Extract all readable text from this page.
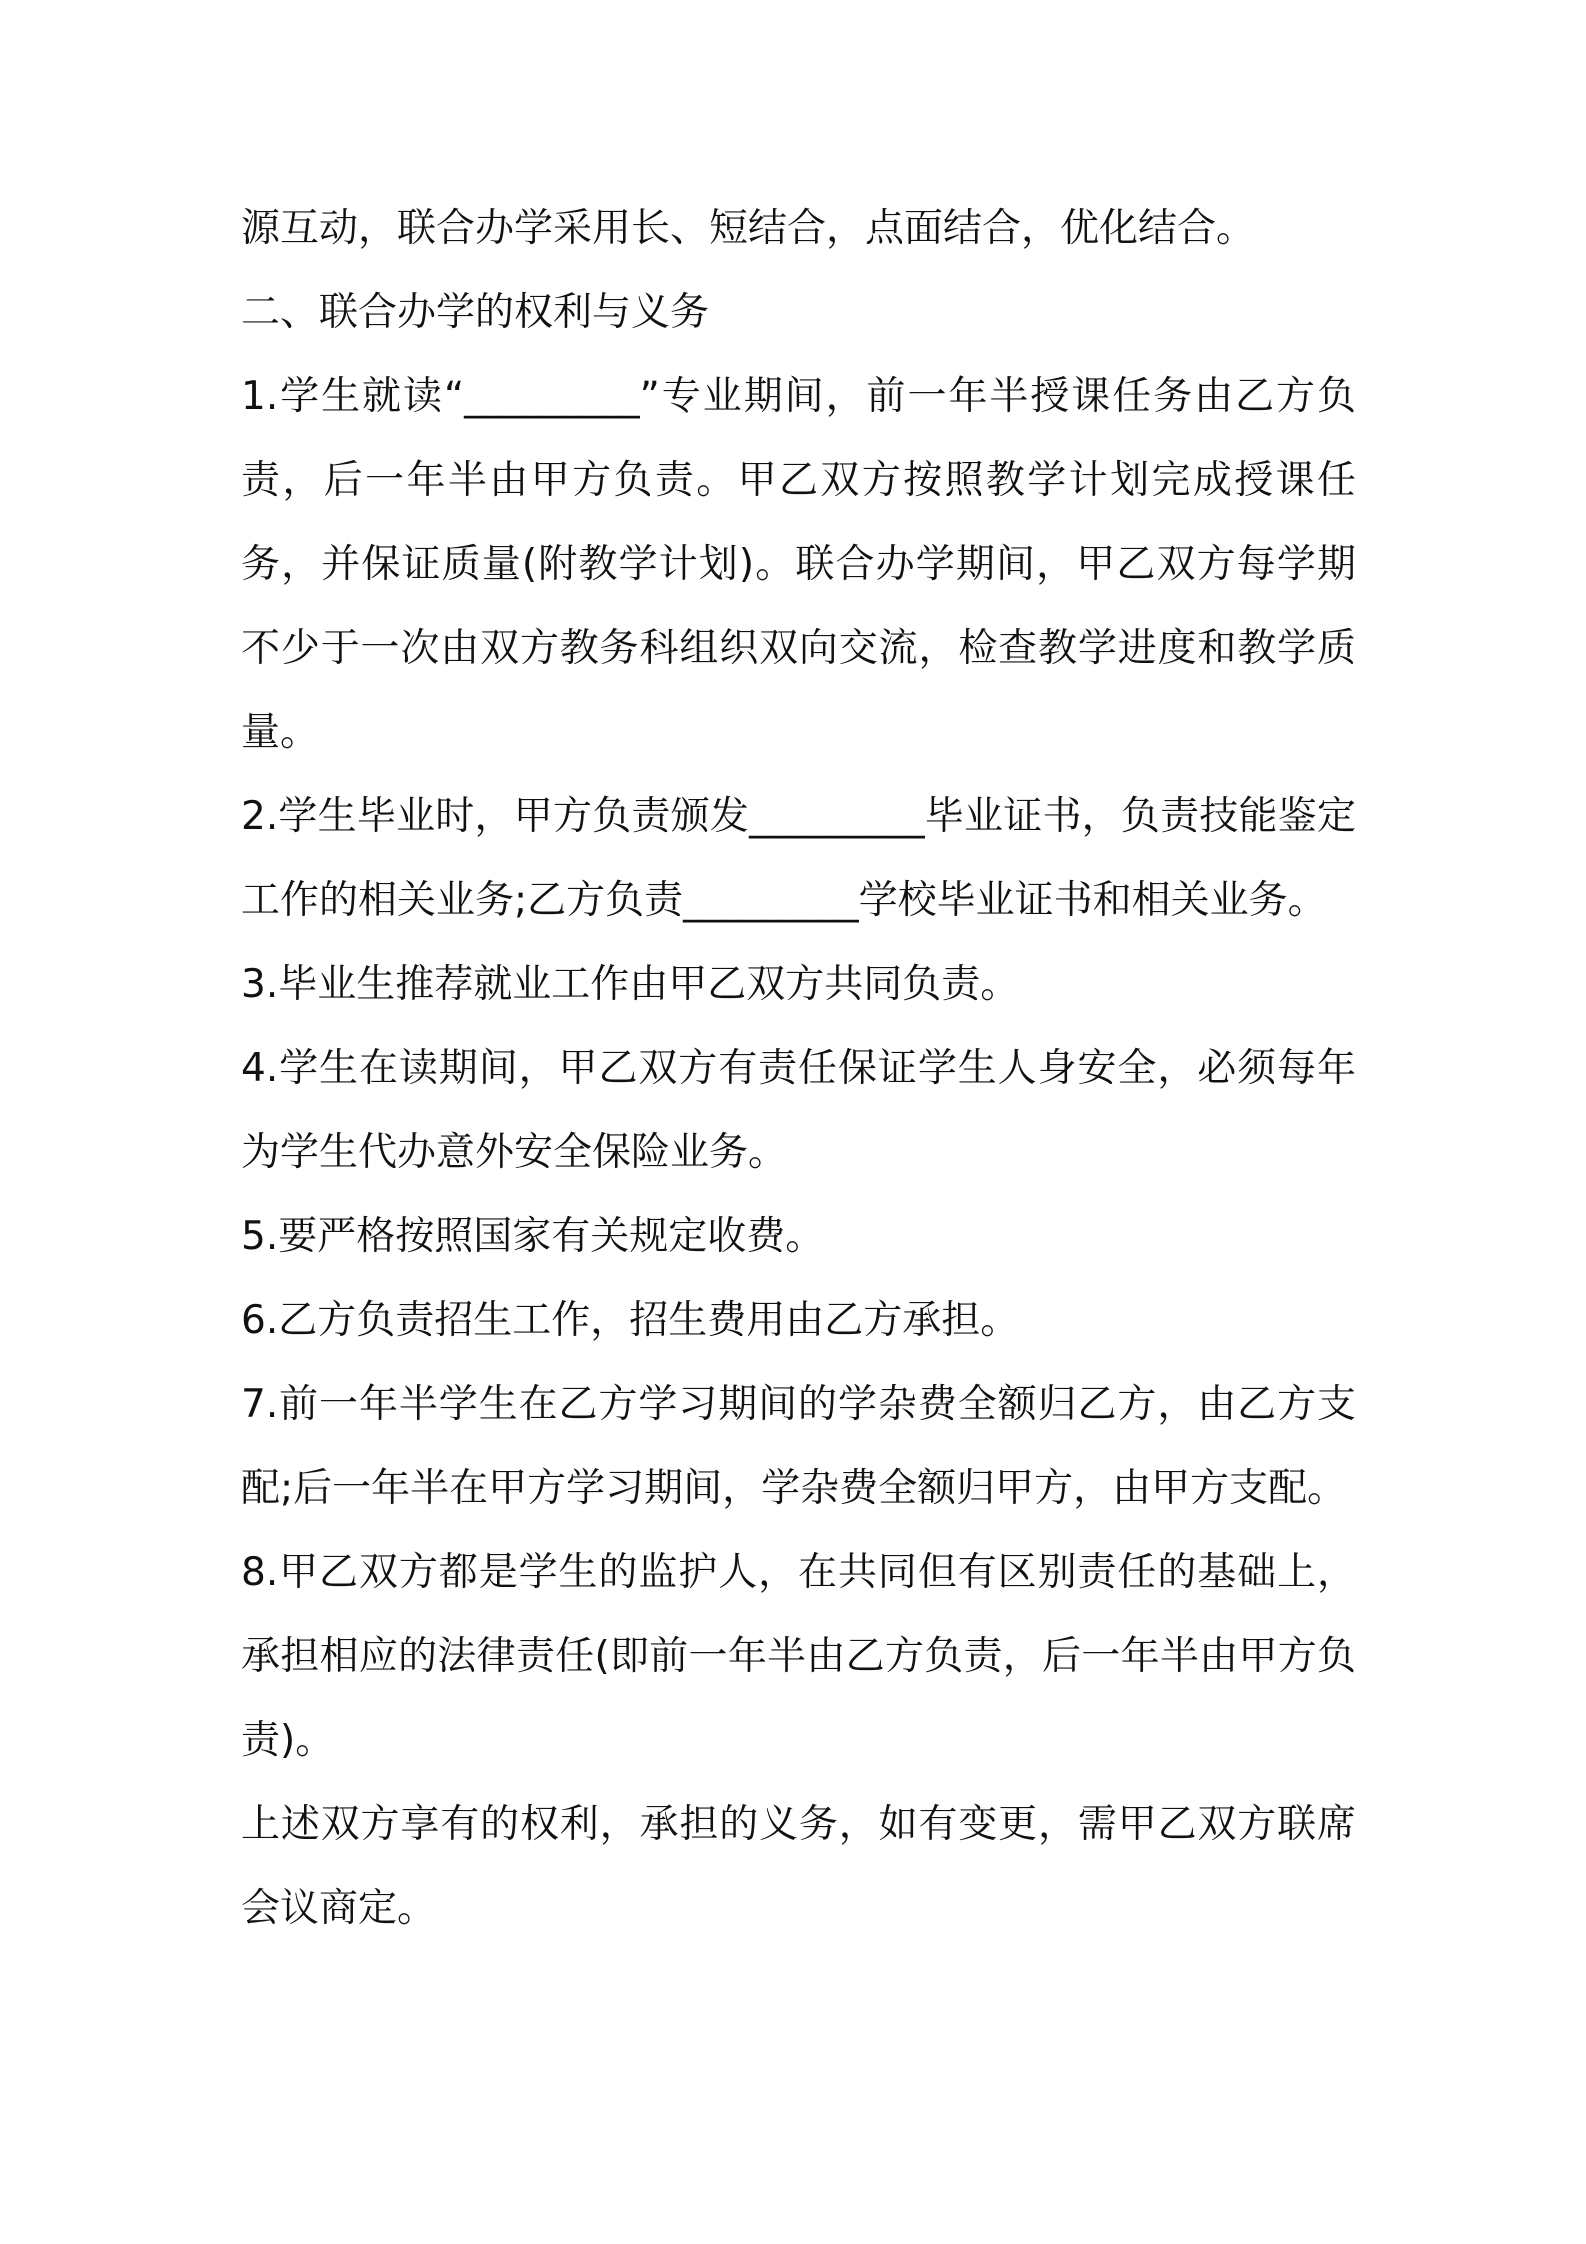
源互动，联合办学采用长、短结合，点面结合，优化结合。

二、联合办学的权利与义务

1.学生就读“_________”专业期间，前一年半授课任务由乙方负责，后一年半由甲方负责。甲乙双方按照教学计划完成授课任务，并保证质量(附教学计划)。联合办学期间，甲乙双方每学期不少于一次由双方教务科组织双向交流，检查教学进度和教学质量。

2.学生毕业时，甲方负责颁发_________毕业证书，负责技能鉴定工作的相关业务;乙方负责_________学校毕业证书和相关业务。

3.毕业生推荐就业工作由甲乙双方共同负责。

4.学生在读期间，甲乙双方有责任保证学生人身安全，必须每年为学生代办意外安全保险业务。

5.要严格按照国家有关规定收费。

6.乙方负责招生工作，招生费用由乙方承担。

7.前一年半学生在乙方学习期间的学杂费全额归乙方，由乙方支配;后一年半在甲方学习期间，学杂费全额归甲方，由甲方支配。

8.甲乙双方都是学生的监护人，在共同但有区别责任的基础上，承担相应的法律责任(即前一年半由乙方负责，后一年半由甲方负责)。

上述双方享有的权利，承担的义务，如有变更，需甲乙双方联席会议商定。
